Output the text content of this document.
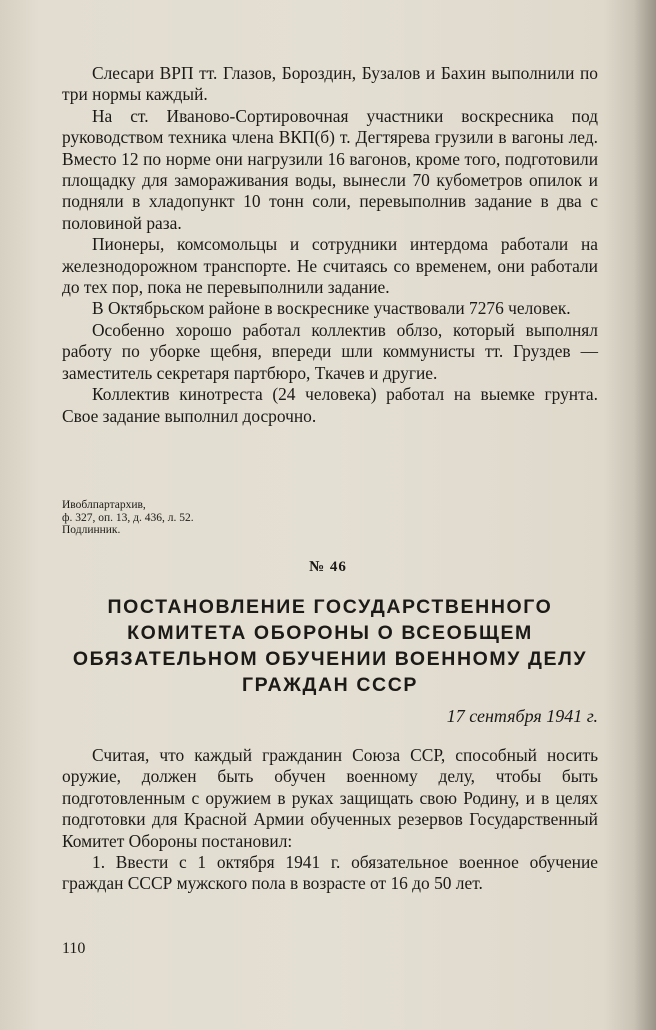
Слесари ВРП тт. Глазов, Бороздин, Бузалов и Бахин выполнили по три нормы каждый.

На ст. Иваново-Сортировочная участники воскресника под руководством техника члена ВКП(б) т. Дегтярева грузили в вагоны лед. Вместо 12 по норме они нагрузили 16 вагонов, кроме того, подготовили площадку для замораживания воды, вынесли 70 кубометров опилок и подняли в хладопункт 10 тонн соли, перевыполнив задание в два с половиной раза.

Пионеры, комсомольцы и сотрудники интердома работали на железнодорожном транспорте. Не считаясь со временем, они работали до тех пор, пока не перевыполнили задание.

В Октябрьском районе в воскреснике участвовали 7276 человек.

Особенно хорошо работал коллектив облзо, который выполнял работу по уборке щебня, впереди шли коммунисты тт. Груздев — заместитель секретаря партбюро, Ткачев и другие.

Коллектив кинотреста (24 человека) работал на выемке грунта. Свое задание выполнил досрочно.

Ивоблпартархив,
ф. 327, оп. 13, д. 436, л. 52.
Подлинник.
№ 46
ПОСТАНОВЛЕНИЕ ГОСУДАРСТВЕННОГО
КОМИТЕТА ОБОРОНЫ О ВСЕОБЩЕМ
ОБЯЗАТЕЛЬНОМ ОБУЧЕНИИ ВОЕННОМУ ДЕЛУ
ГРАЖДАН СССР
17 сентября 1941 г.

Считая, что каждый гражданин Союза ССР, способный носить оружие, должен быть обучен военному делу, чтобы быть подготовленным с оружием в руках защищать свою Родину, и в целях подготовки для Красной Армии обученных резервов Государственный Комитет Обороны постановил:

1. Ввести с 1 октября 1941 г. обязательное военное обучение граждан СССР мужского пола в возрасте от 16 до 50 лет.

110
